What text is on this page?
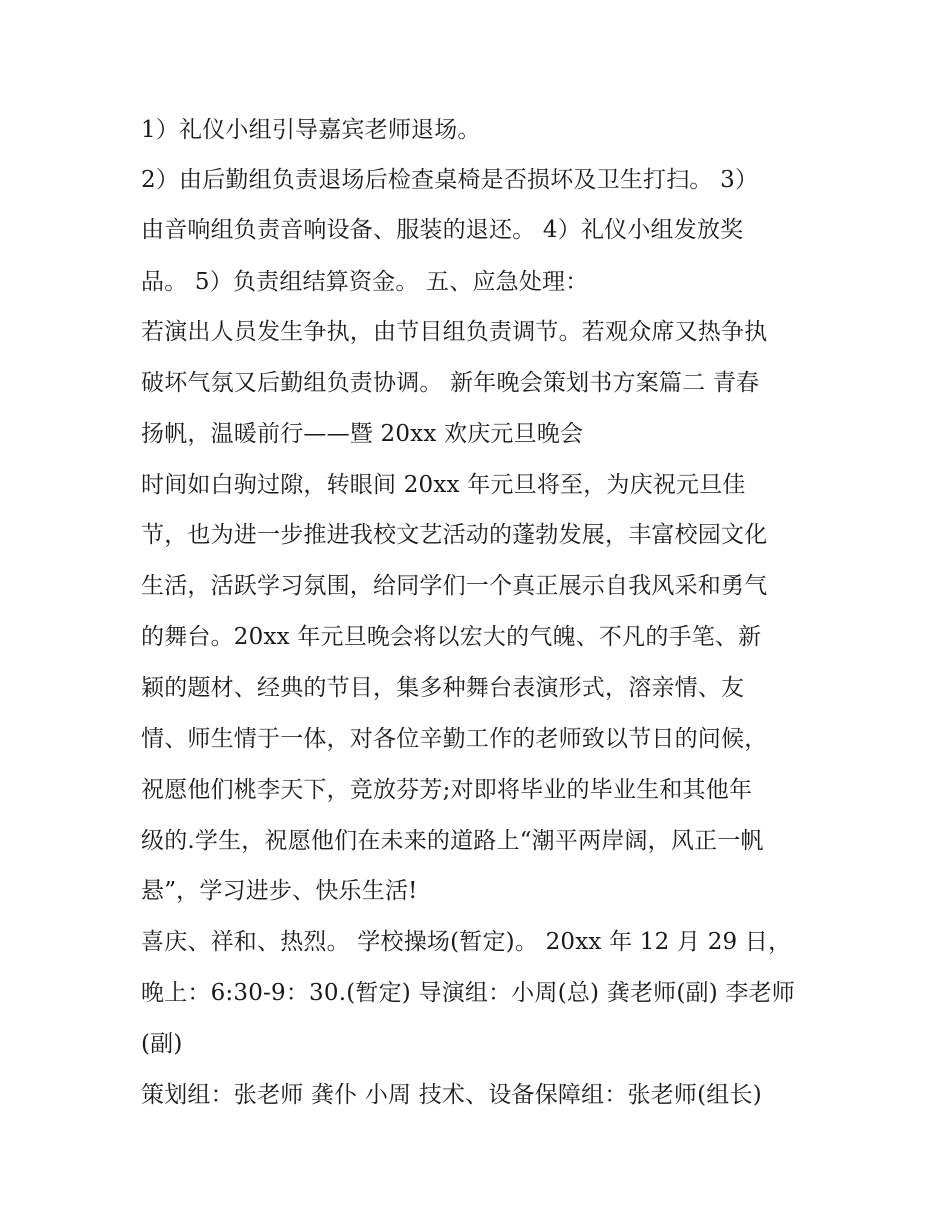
1）礼仪小组引导嘉宾老师退场。
2）由后勤组负责退场后检查桌椅是否损坏及卫生打扫。 3）
由音响组负责音响设备、服装的退还。 4）礼仪小组发放奖
品。 5）负责组结算资金。 五、应急处理：
若演出人员发生争执，由节目组负责调节。若观众席又热争执
破坏气氛又后勤组负责协调。 新年晚会策划书方案篇二 青春
扬帆，温暖前行——暨 20xx 欢庆元旦晚会
时间如白驹过隙，转眼间 20xx 年元旦将至，为庆祝元旦佳
节，也为进一步推进我校文艺活动的蓬勃发展，丰富校园文化
生活，活跃学习氛围，给同学们一个真正展示自我风采和勇气
的舞台。20xx 年元旦晚会将以宏大的气魄、不凡的手笔、新
颖的题材、经典的节目，集多种舞台表演形式，溶亲情、友
情、师生情于一体，对各位辛勤工作的老师致以节日的问候，
祝愿他们桃李天下，竞放芬芳;对即将毕业的毕业生和其他年
级的.学生，祝愿他们在未来的道路上“潮平两岸阔，风正一帆
悬”，学习进步、快乐生活!
喜庆、祥和、热烈。 学校操场(暂定)。 20xx 年 12 月 29 日，
晚上：6:30-9：30.(暂定) 导演组：小周(总) 龚老师(副) 李老师
(副)
策划组：张老师 龚仆 小周 技术、设备保障组：张老师(组长)
